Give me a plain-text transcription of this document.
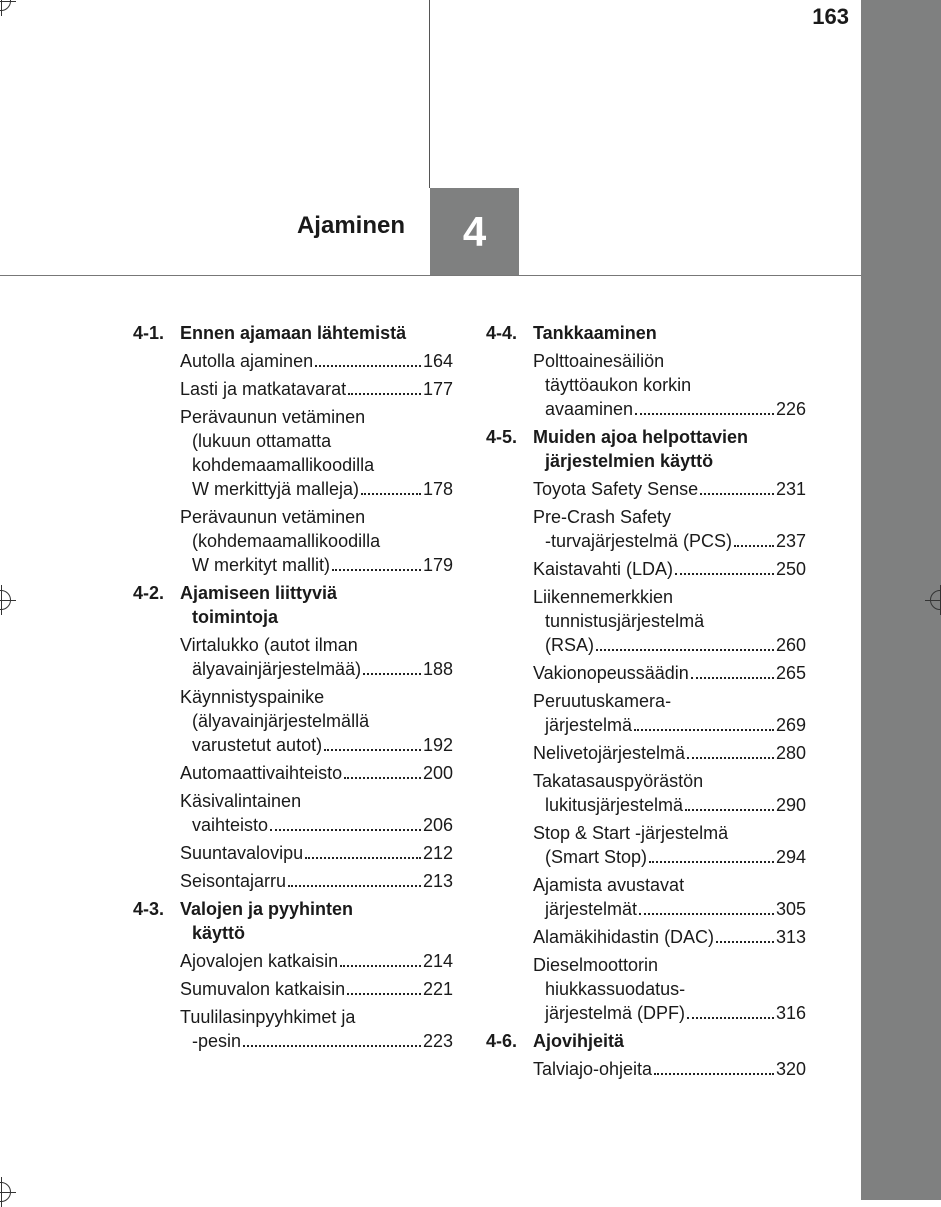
163
Ajaminen 4
4-1. Ennen ajamaan lähtemistä
Autolla ajaminen	164
Lasti ja matkatavarat	177
Perävaunun vetäminen
(lukuun ottamatta
kohdemaamallikoodilla
W merkittyjä malleja)	178
Perävaunun vetäminen
(kohdemaamallikoodilla
W merkityt mallit)	179
4-2. Ajamiseen liittyviä
toimintoja
Virtalukko (autot ilman
älyavainjärjestelmää)	188
Käynnistyspainike
(älyavainjärjestelmällä
varustetut autot)	192
Automaattivaihteisto	200
Käsivalintainen
vaihteisto	206
Suuntavalovipu	212
Seisontajarru	213
4-3. Valojen ja pyyhinten
käyttö
Ajovalojen katkaisin	214
Sumuvalon katkaisin	221
Tuulilasinpyyhkimet ja
-pesin	223
4-4. Tankkaaminen
Polttoainesäiliön
täyttöaukon korkin
avaaminen	226
4-5. Muiden ajoa helpottavien
järjestelmien käyttö
Toyota Safety Sense	231
Pre-Crash Safety
-turvajärjestelmä (PCS) 237
Kaistavahti (LDA)	250
Liikennemerkkien
tunnistusjärjestelmä
(RSA)	260
Vakionopeussäädin	265
Peruutuskamera-
järjestelmä	269
Nelivetojärjestelmä	280
Takatasauspyörästön
lukitusjärjestelmä	290
Stop & Start -järjestelmä
(Smart Stop)	294
Ajamista avustavat
järjestelmät	305
Alamäkihidastin (DAC)	313
Dieselmoottorin
hiukkassuodatus-
järjestelmä (DPF)	316
4-6. Ajovihjeitä
Talviajo-ohjeita	320
